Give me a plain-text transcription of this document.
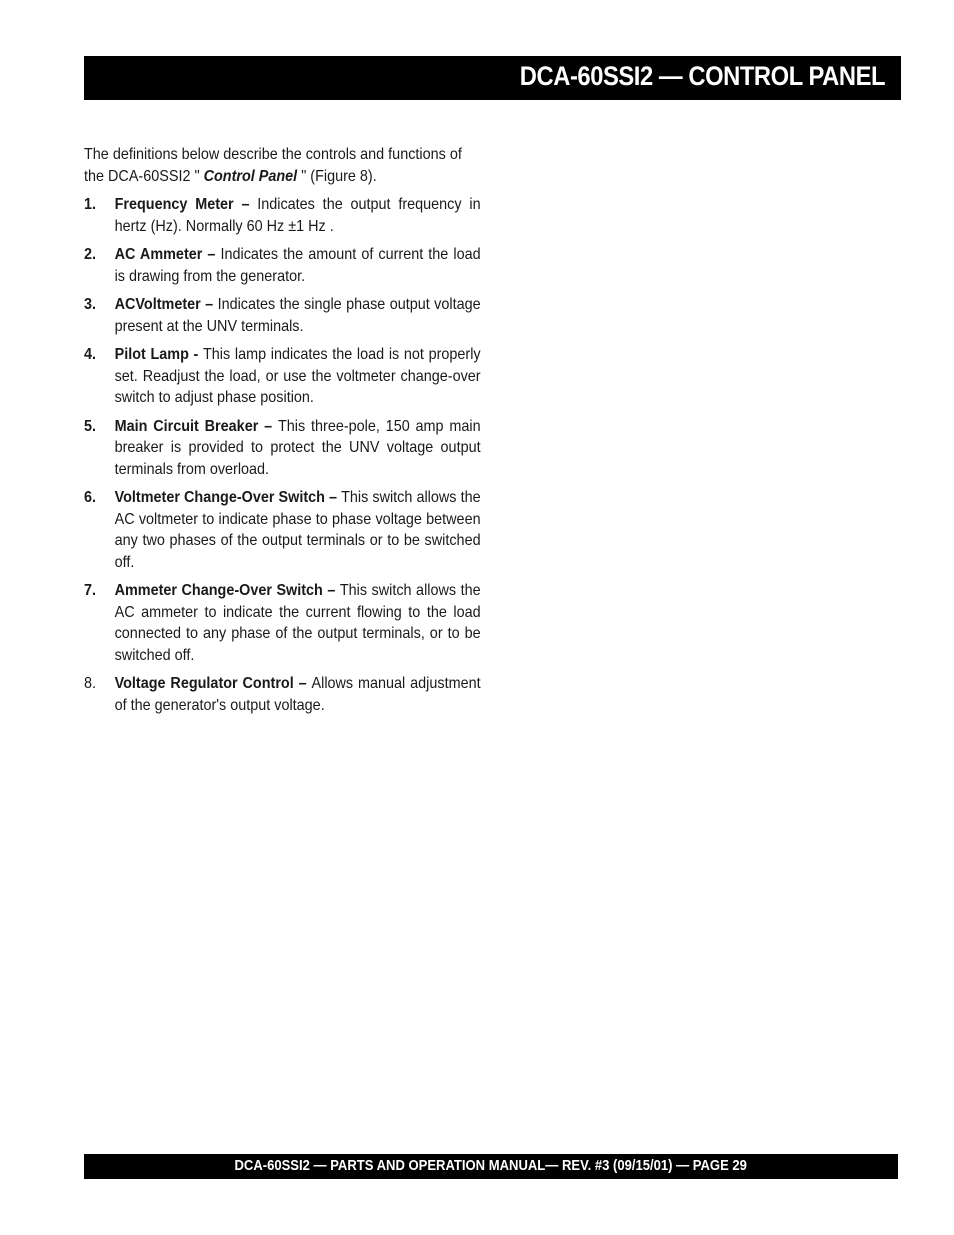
DCA-60SSI2 — CONTROL PANEL

The definitions below describe the controls and functions of the DCA-60SSI2 " Control Panel " (Figure 8).

1. Frequency Meter – Indicates the output frequency in hertz (Hz). Normally 60 Hz ±1 Hz .
2. AC Ammeter – Indicates the amount of current the load is drawing from the generator.
3. ACVoltmeter – Indicates the single phase output voltage present at the UNV terminals.
4. Pilot Lamp - This lamp indicates the load is not properly set. Readjust the load, or use the voltmeter change-over switch to adjust phase position.
5. Main Circuit Breaker – This three-pole, 150 amp main breaker is provided to protect the UNV voltage output terminals from overload.
6. Voltmeter Change-Over Switch – This switch allows the AC voltmeter to indicate phase to phase voltage between any two phases of the output terminals or to be switched off.
7. Ammeter Change-Over Switch – This switch allows the AC ammeter to indicate the current flowing to the load connected to any phase of the output terminals, or to be switched off.
8. Voltage Regulator Control – Allows manual adjustment of the generator's output voltage.
DCA-60SSI2 — PARTS AND OPERATION MANUAL— REV. #3 (09/15/01) — PAGE 29
